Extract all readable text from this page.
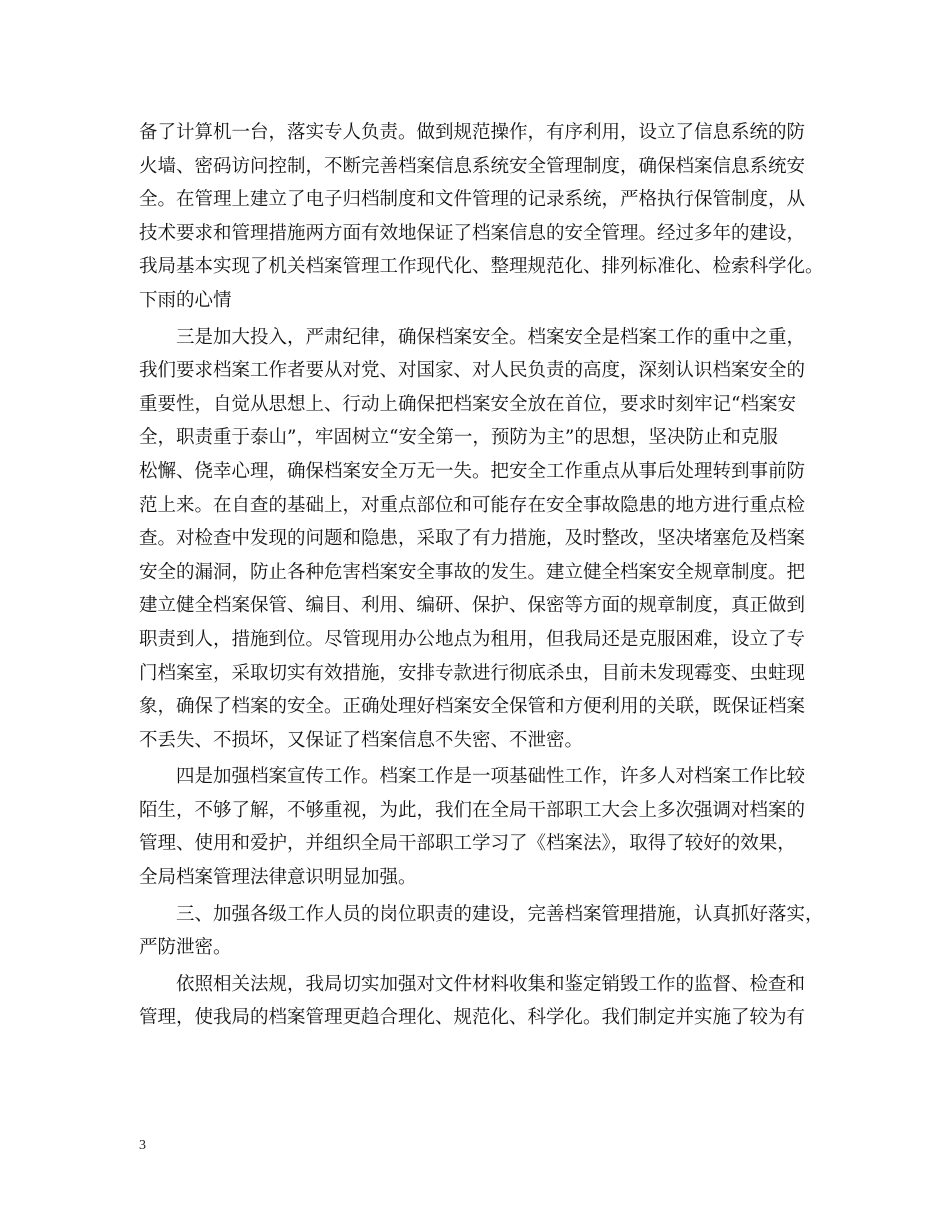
备了计算机一台，落实专人负责。做到规范操作，有序利用，设立了信息系统的防
火墙、密码访问控制，不断完善档案信息系统安全管理制度，确保档案信息系统安
全。在管理上建立了电子归档制度和文件管理的记录系统，严格执行保管制度，从
技术要求和管理措施两方面有效地保证了档案信息的安全管理。经过多年的建设，
我局基本实现了机关档案管理工作现代化、整理规范化、排列标准化、检索科学化。
下雨的心情
三是加大投入，严肃纪律，确保档案安全。档案安全是档案工作的重中之重，
我们要求档案工作者要从对党、对国家、对人民负责的高度，深刻认识档案安全的
重要性，自觉从思想上、行动上确保把档案安全放在首位，要求时刻牢记“档案安
全，职责重于泰山”，牢固树立“安全第一，预防为主”的思想，坚决防止和克服
松懈、侥幸心理，确保档案安全万无一失。把安全工作重点从事后处理转到事前防
范上来。在自查的基础上，对重点部位和可能存在安全事故隐患的地方进行重点检
查。对检查中发现的问题和隐患，采取了有力措施，及时整改，坚决堵塞危及档案
安全的漏洞，防止各种危害档案安全事故的发生。建立健全档案安全规章制度。把
建立健全档案保管、编目、利用、编研、保护、保密等方面的规章制度，真正做到
职责到人，措施到位。尽管现用办公地点为租用，但我局还是克服困难，设立了专
门档案室，采取切实有效措施，安排专款进行彻底杀虫，目前未发现霉变、虫蛀现
象，确保了档案的安全。正确处理好档案安全保管和方便利用的关联，既保证档案
不丢失、不损坏，又保证了档案信息不失密、不泄密。
四是加强档案宣传工作。档案工作是一项基础性工作，许多人对档案工作比较
陌生，不够了解，不够重视，为此，我们在全局干部职工大会上多次强调对档案的
管理、使用和爱护，并组织全局干部职工学习了《档案法》，取得了较好的效果，
全局档案管理法律意识明显加强。
三、加强各级工作人员的岗位职责的建设，完善档案管理措施，认真抓好落实，
严防泄密。
依照相关法规，我局切实加强对文件材料收集和鉴定销毁工作的监督、检查和
管理，使我局的档案管理更趋合理化、规范化、科学化。我们制定并实施了较为有
3
